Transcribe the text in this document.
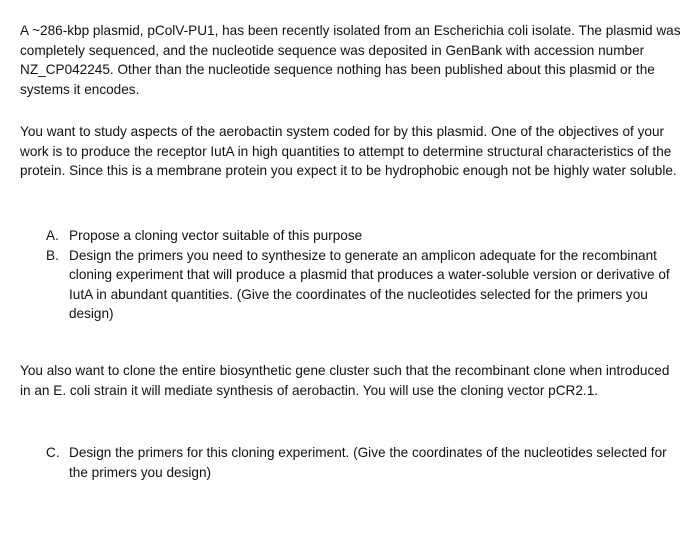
A ~286-kbp plasmid, pColV-PU1, has been recently isolated from an Escherichia coli isolate. The plasmid was completely sequenced, and the nucleotide sequence was deposited in GenBank with accession number NZ_CP042245. Other than the nucleotide sequence nothing has been published about this plasmid or the systems it encodes.

You want to study aspects of the aerobactin system coded for by this plasmid. One of the objectives of your work is to produce the receptor IutA in high quantities to attempt to determine structural characteristics of the protein. Since this is a membrane protein you expect it to be hydrophobic enough not be highly water soluble.

A. Propose a cloning vector suitable of this purpose
B. Design the primers you need to synthesize to generate an amplicon adequate for the recombinant cloning experiment that will produce a plasmid that produces a water-soluble version or derivative of IutA in abundant quantities. (Give the coordinates of the nucleotides selected for the primers you design)

You also want to clone the entire biosynthetic gene cluster such that the recombinant clone when introduced in an E. coli strain it will mediate synthesis of aerobactin. You will use the cloning vector pCR2.1.

C. Design the primers for this cloning experiment. (Give the coordinates of the nucleotides selected for the primers you design)
